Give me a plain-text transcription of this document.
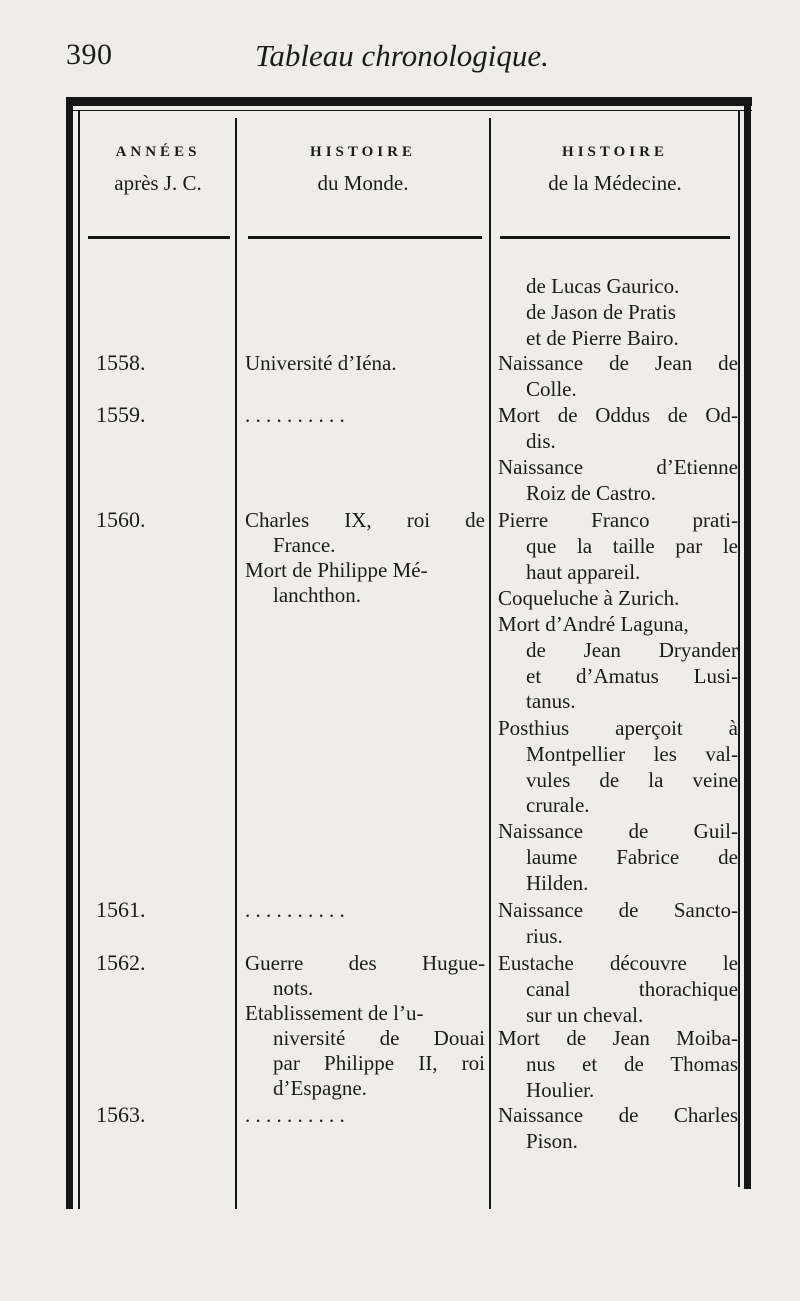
390	Tableau chronologique.
ANNÉES
après J. C.
HISTOIRE
du Monde.
HISTOIRE
de la Médecine.
1558.
1559.
1560.
1561.
1562.
1563.
Université d’Iéna.
. . . . . . . . . .
Charles IX, roi de
France.
Mort de Philippe Mé-
lanchthon.
. . . . . . . . . .
Guerre des Hugue-
nots.
Etablissement de l’u-
niversité de Douai
par Philippe II, roi
d’Espagne.
. . . . . . . . . .
de Lucas Gaurico.
de Jason de Pratis
et de Pierre Bairo.
Naissance de Jean de
Colle.
Mort de Oddus de Od-
dis.
Naissance d’Etienne
Roiz de Castro.
Pierre Franco prati-
que la taille par le
haut appareil.
Coqueluche à Zurich.
Mort d’André Laguna,
de Jean Dryander
et d’Amatus Lusi-
tanus.
Posthius aperçoit à
Montpellier les val-
vules de la veine
crurale.
Naissance de Guil-
laume Fabrice de
Hilden.
Naissance de Sancto-
rius.
Eustache découvre le
canal thorachique
sur un cheval.
Mort de Jean Moiba-
nus et de Thomas
Houlier.
Naissance de Charles
Pison.
